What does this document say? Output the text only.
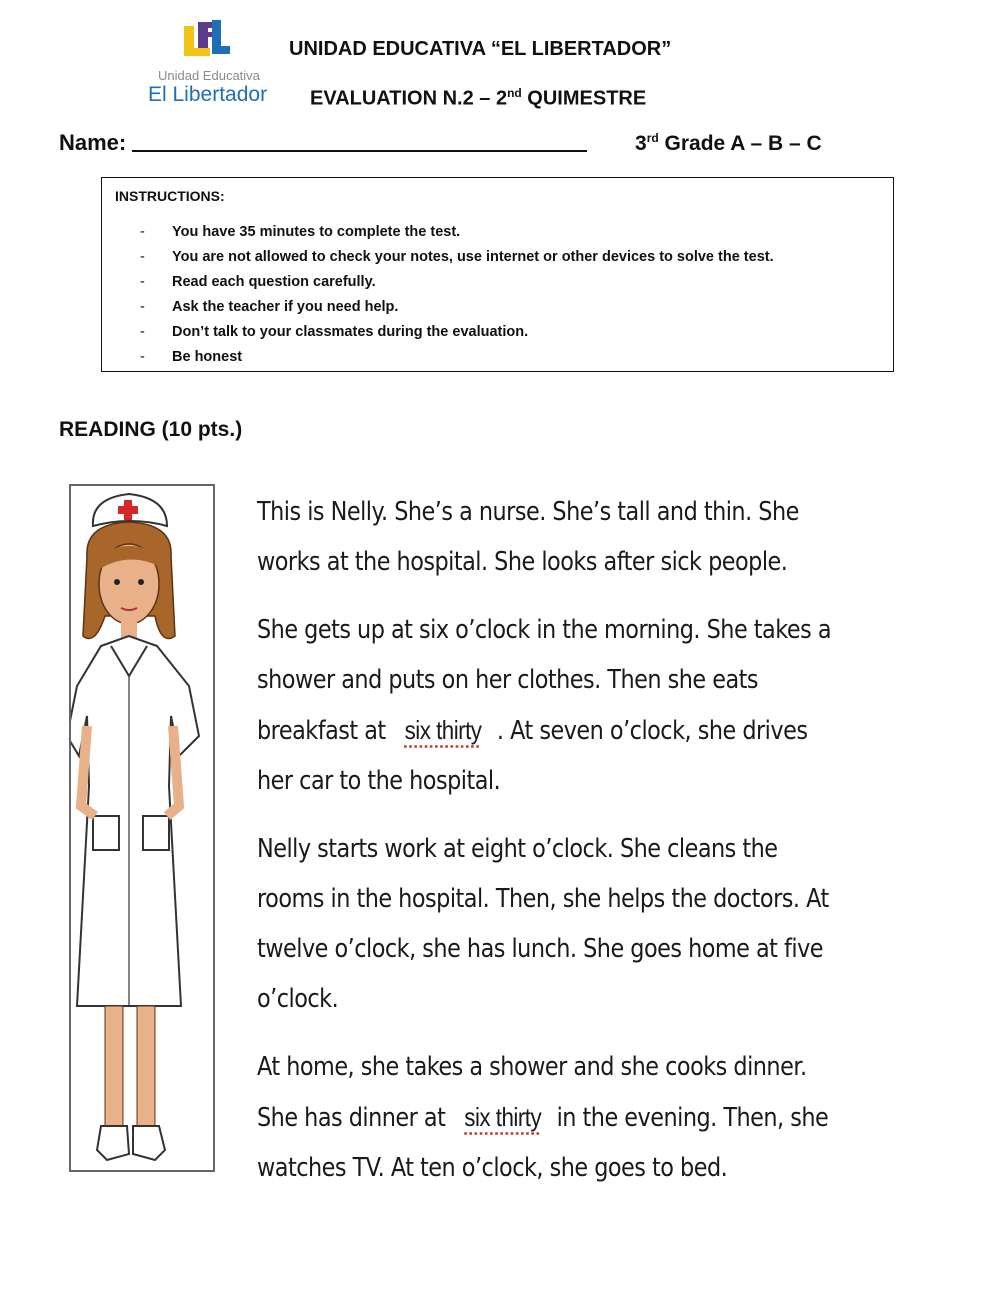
Unidad Educativa
El Libertador
UNIDAD EDUCATIVA “EL LIBERTADOR”
EVALUATION N.2 – 2nd QUIMESTRE
Name:	3rd Grade A – B – C
INSTRUCTIONS:
- You have 35 minutes to complete the test.
- You are not allowed to check your notes, use internet or other devices to solve the test.
- Read each question carefully.
- Ask the teacher if you need help.
- Don’t talk to your classmates during the evaluation.
- Be honest
READING (10 pts.)

This is Nelly. She’s a nurse. She’s tall and thin. She works at the hospital. She looks after sick people.

She gets up at six o’clock in the morning. She takes a shower and puts on her clothes. Then she eats breakfast at six thirty . At seven o’clock, she drives her car to the hospital.

Nelly starts work at eight o’clock. She cleans the rooms in the hospital. Then, she helps the doctors. At twelve o’clock, she has lunch. She goes home at five o’clock.

At home, she takes a shower and she cooks dinner. She has dinner at six thirty in the evening. Then, she watches TV. At ten o’clock, she goes to bed.
